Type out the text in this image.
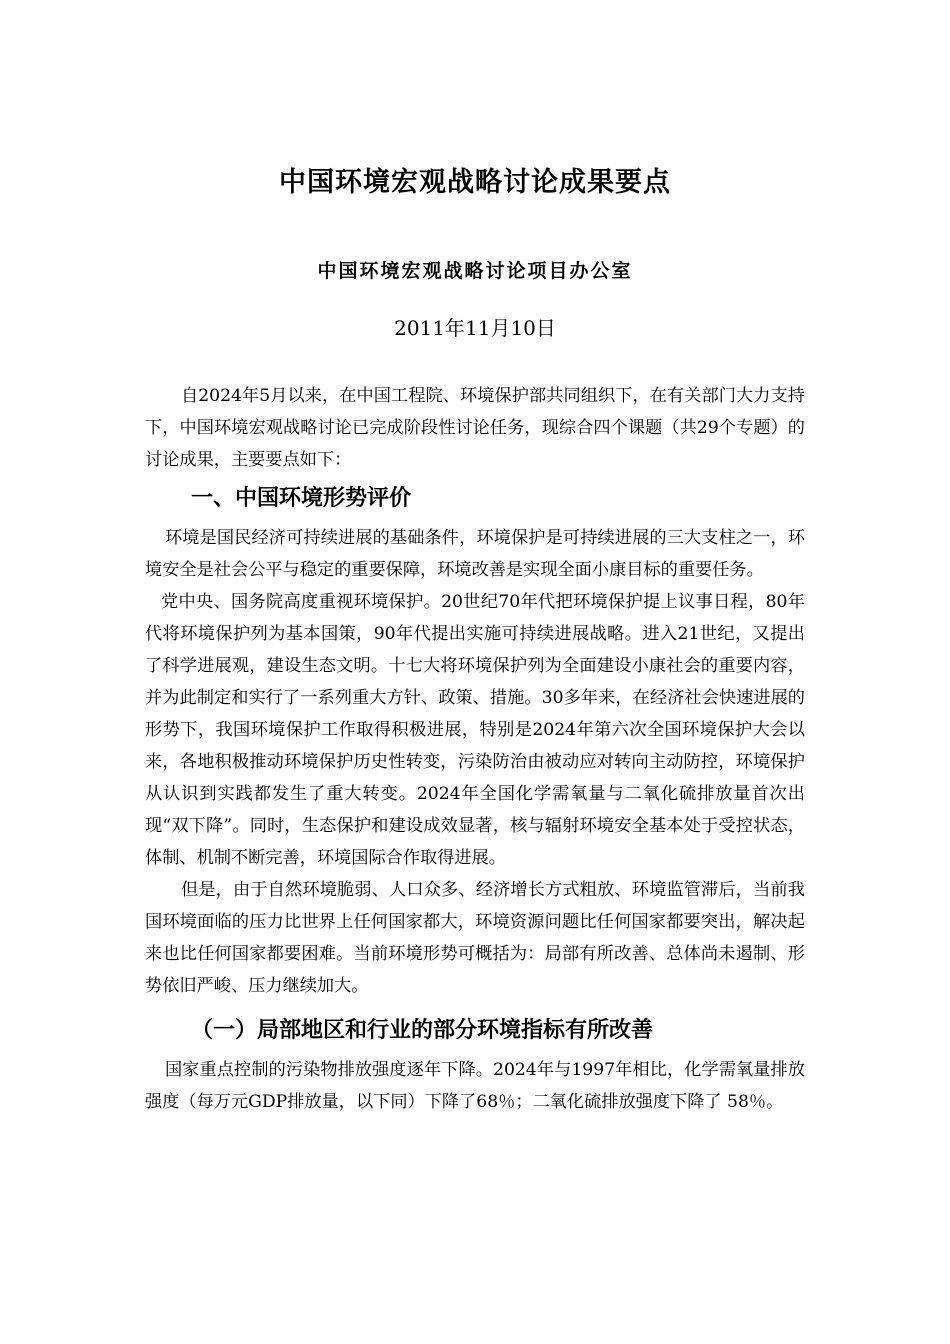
中国环境宏观战略讨论成果要点
中国环境宏观战略讨论项目办公室
2011年11月10日

自2024年5月以来，在中国工程院、环境保护部共同组织下，在有关部门大力支持下，中国环境宏观战略讨论已完成阶段性讨论任务，现综合四个课题（共29个专题）的讨论成果，主要要点如下：

一、中国环境形势评价

环境是国民经济可持续进展的基础条件，环境保护是可持续进展的三大支柱之一，环境安全是社会公平与稳定的重要保障，环境改善是实现全面小康目标的重要任务。

党中央、国务院高度重视环境保护。20世纪70年代把环境保护提上议事日程，80年代将环境保护列为基本国策，90年代提出实施可持续进展战略。进入21世纪，又提出了科学进展观，建设生态文明。十七大将环境保护列为全面建设小康社会的重要内容，并为此制定和实行了一系列重大方针、政策、措施。30多年来，在经济社会快速进展的形势下，我国环境保护工作取得积极进展，特别是2024年第六次全国环境保护大会以来，各地积极推动环境保护历史性转变，污染防治由被动应对转向主动防控，环境保护从认识到实践都发生了重大转变。2024年全国化学需氧量与二氧化硫排放量首次出现“双下降”。同时，生态保护和建设成效显著，核与辐射环境安全基本处于受控状态，体制、机制不断完善，环境国际合作取得进展。

但是，由于自然环境脆弱、人口众多、经济增长方式粗放、环境监管滞后，当前我国环境面临的压力比世界上任何国家都大，环境资源问题比任何国家都要突出，解决起来也比任何国家都要困难。当前环境形势可概括为：局部有所改善、总体尚未遏制、形势依旧严峻、压力继续加大。

（一）局部地区和行业的部分环境指标有所改善

国家重点控制的污染物排放强度逐年下降。2024年与1997年相比，化学需氧量排放强度（每万元GDP排放量，以下同）下降了68％；二氧化硫排放强度下降了 58％。
